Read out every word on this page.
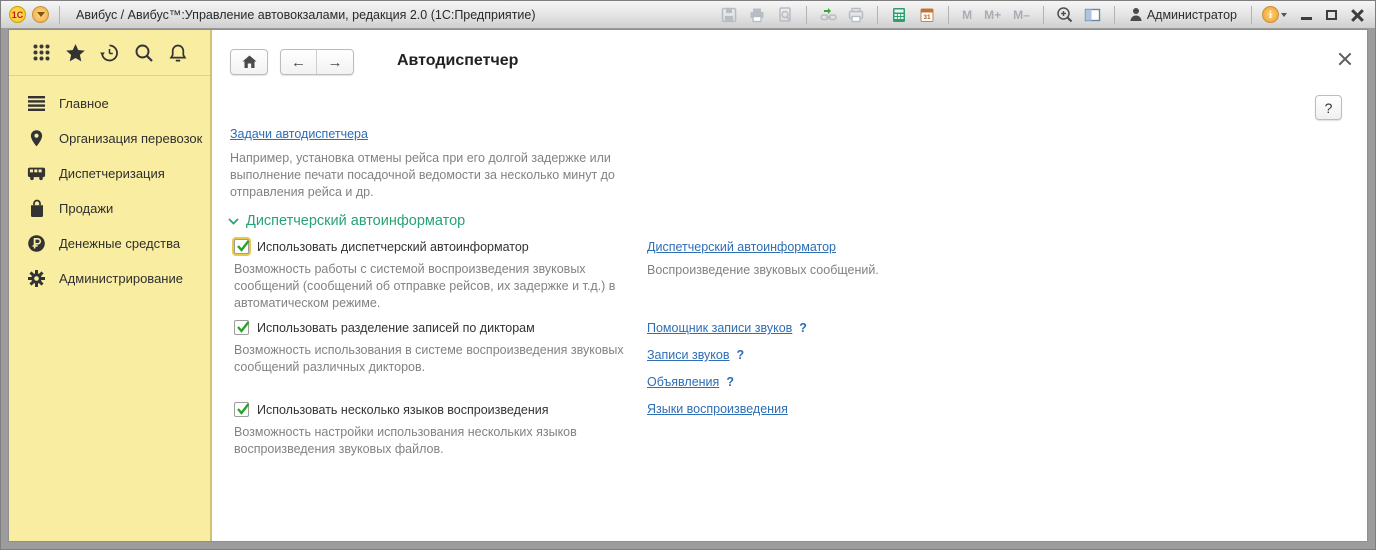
1С	Авибус / Авибус™:Управление автовокзалами, редакция 2.0 (1С:Предприятие)	31	M M+ M–	Администратор	i
Главное
Организация перевозок
Диспетчеризация
Продажи
Денежные средства
Администрирование
←	→	Автодиспетчер
?
Задачи автодиспетчера
Например, установка отмены рейса при его долгой задержке или выполнение печати посадочной ведомости за несколько минут до отправления рейса и др.
Диспетчерский автоинформатор
Использовать диспетчерский автоинформатор
Возможность работы с системой воспроизведения звуковых сообщений (сообщений об отправке рейсов, их задержке и т.д.) в автоматическом режиме.
Использовать разделение записей по дикторам
Возможность использования в системе воспроизведения звуковых сообщений различных дикторов.
Использовать несколько языков воспроизведения
Возможность настройки использования нескольких языков воспроизведения звуковых файлов.
Диспетчерский автоинформатор
Воспроизведение звуковых сообщений.
Помощник записи звуков ?
Записи звуков ?
Объявления ?
Языки воспроизведения
